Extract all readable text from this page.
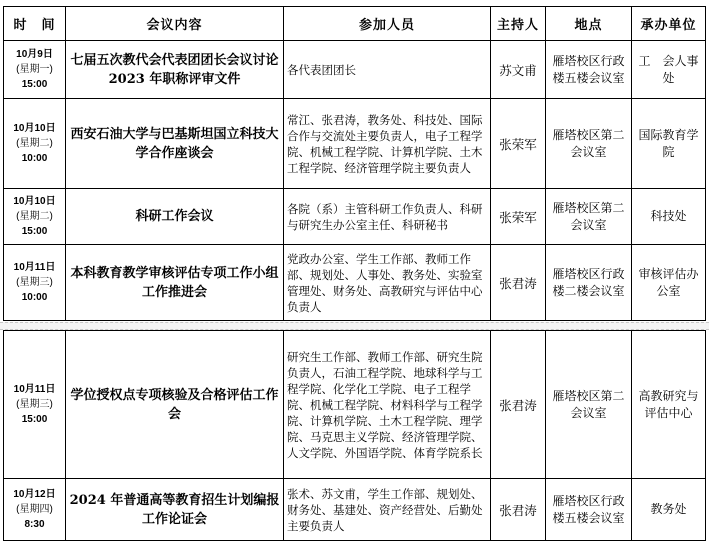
时　间	会议内容	参加人员	主持人	地点	承办单位

10月9日
(星期一)
15:00	七届五次教代会代表团团长会议讨论 2023 年职称评审文件	各代表团团长	苏文甫	雁塔校区行政楼五楼会议室	工　会人事处

10月10日
(星期二)
10:00	西安石油大学与巴基斯坦国立科技大学合作座谈会	常江、张君涛，教务处、科技处、国际合作与交流处主要负责人，电子工程学院、机械工程学院、计算机学院、土木工程学院、经济管理学院主要负责人	张荣军	雁塔校区第二会议室	国际教育学院

10月10日
(星期二)
15:00	科研工作会议	各院（系）主管科研工作负责人、科研与研究生办公室主任、科研秘书	张荣军	雁塔校区第二会议室	科技处

10月11日
(星期三)
10:00	本科教育教学审核评估专项工作小组工作推进会	党政办公室、学生工作部、教师工作部、规划处、人事处、教务处、实验室管理处、财务处、高教研究与评估中心负责人	张君涛	雁塔校区行政楼二楼会议室	审核评估办公室
10月11日
(星期三)
15:00	学位授权点专项核验及合格评估工作会	研究生工作部、教师工作部、研究生院负责人，石油工程学院、地球科学与工程学院、化学化工学院、电子工程学院、机械工程学院、材料科学与工程学院、计算机学院、土木工程学院、理学院、马克思主义学院、经济管理学院、人文学院、外国语学院、体育学院系长	张君涛	雁塔校区第二会议室	高教研究与评估中心

10月12日
(星期四)
8:30	2024 年普通高等教育招生计划编报工作论证会	张术、苏文甫，学生工作部、规划处、财务处、基建处、资产经营处、后勤处主要负责人	张君涛	雁塔校区行政楼五楼会议室	教务处
